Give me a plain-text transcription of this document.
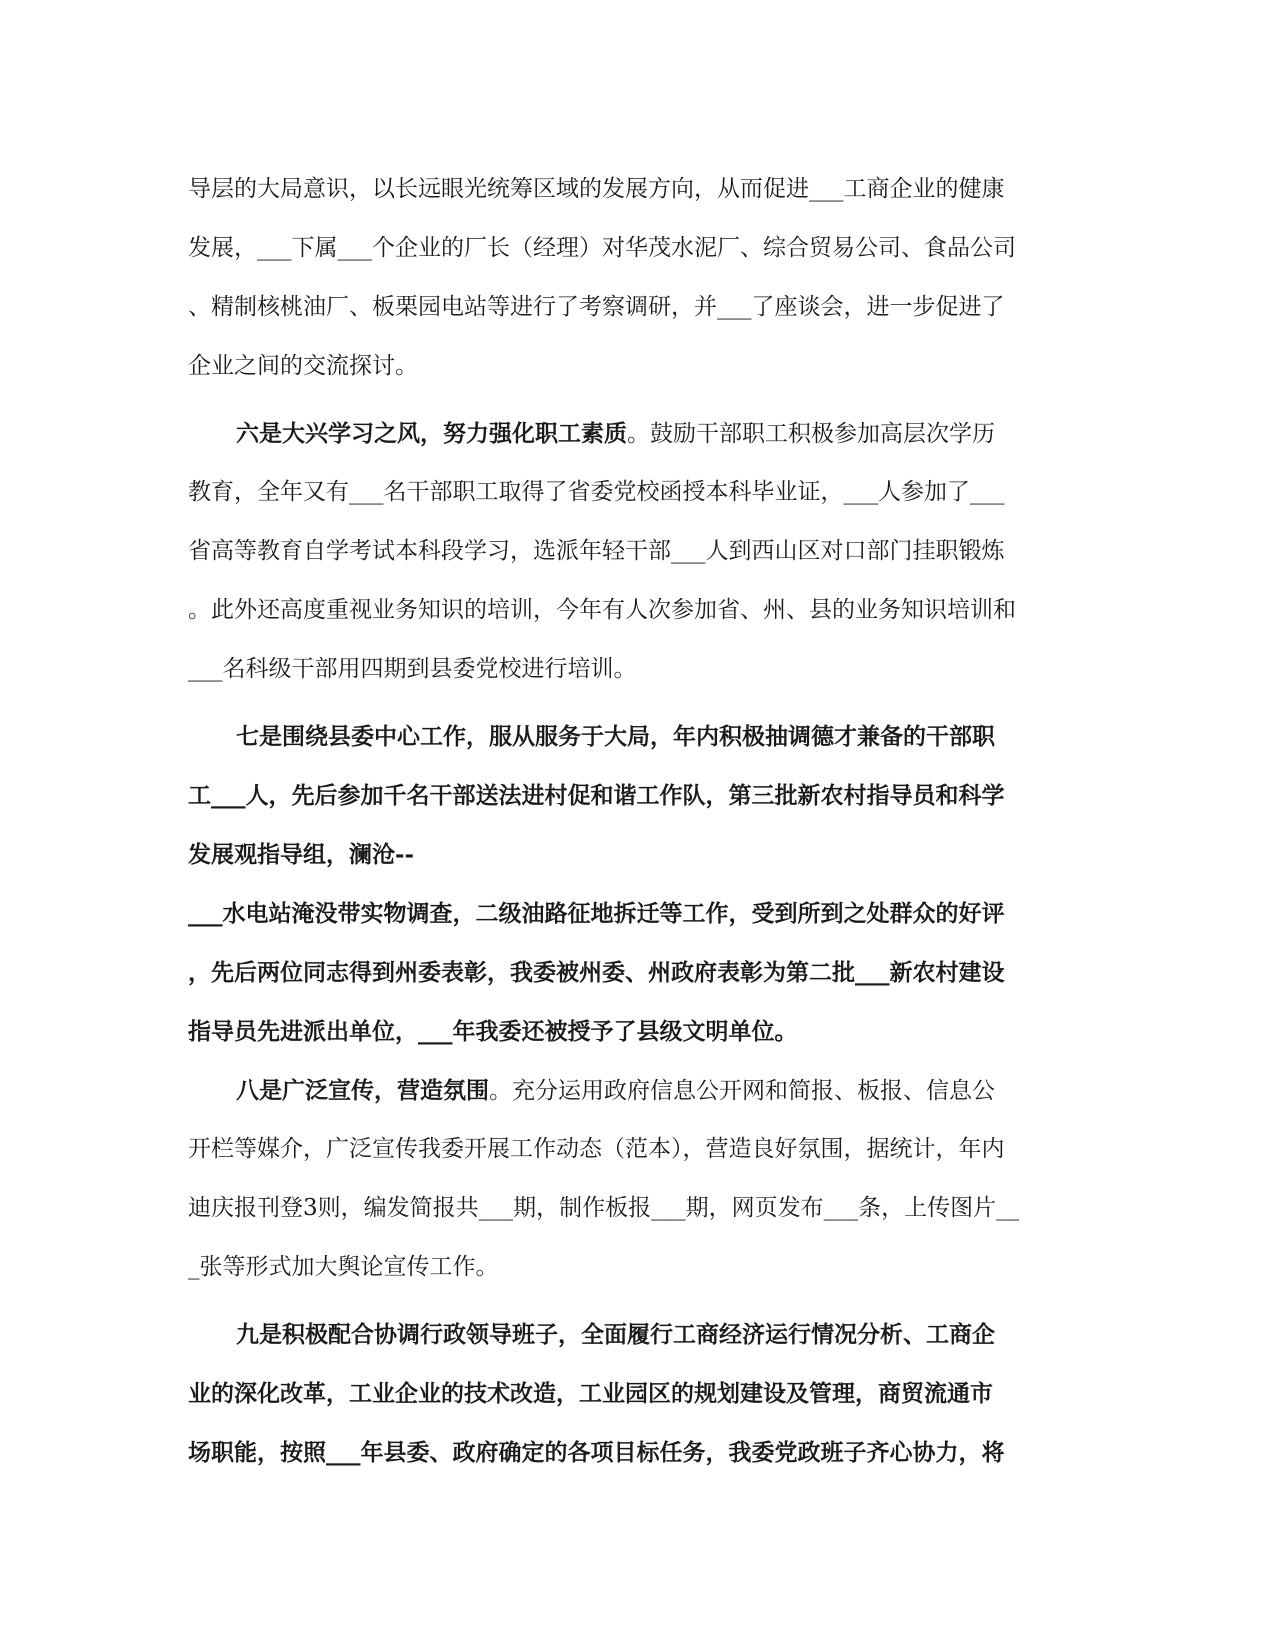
导层的大局意识，以长远眼光统筹区域的发展方向，从而促进___工商企业的健康
发展，___下属___个企业的厂长（经理）对华茂水泥厂、综合贸易公司、食品公司
、精制核桃油厂、板栗园电站等进行了考察调研，并___了座谈会，进一步促进了
企业之间的交流探讨。
六是大兴学习之风，努力强化职工素质。鼓励干部职工积极参加高层次学历
教育，全年又有___名干部职工取得了省委党校函授本科毕业证，___人参加了___
省高等教育自学考试本科段学习，选派年轻干部___人到西山区对口部门挂职锻炼
。此外还高度重视业务知识的培训，今年有人次参加省、州、县的业务知识培训和
___名科级干部用四期到县委党校进行培训。
七是围绕县委中心工作，服从服务于大局，年内积极抽调德才兼备的干部职
工___人，先后参加千名干部送法进村促和谐工作队，第三批新农村指导员和科学
发展观指导组，澜沧--
___水电站淹没带实物调查，二级油路征地拆迁等工作，受到所到之处群众的好评
，先后两位同志得到州委表彰，我委被州委、州政府表彰为第二批___新农村建设
指导员先进派出单位，___年我委还被授予了县级文明单位。
八是广泛宣传，营造氛围。充分运用政府信息公开网和简报、板报、信息公
开栏等媒介，广泛宣传我委开展工作动态（范本），营造良好氛围，据统计，年内
迪庆报刊登3则，编发简报共___期，制作板报___期，网页发布___条，上传图片__
_张等形式加大舆论宣传工作。
九是积极配合协调行政领导班子，全面履行工商经济运行情况分析、工商企
业的深化改革，工业企业的技术改造，工业园区的规划建设及管理，商贸流通市
场职能，按照___年县委、政府确定的各项目标任务，我委党政班子齐心协力，将
